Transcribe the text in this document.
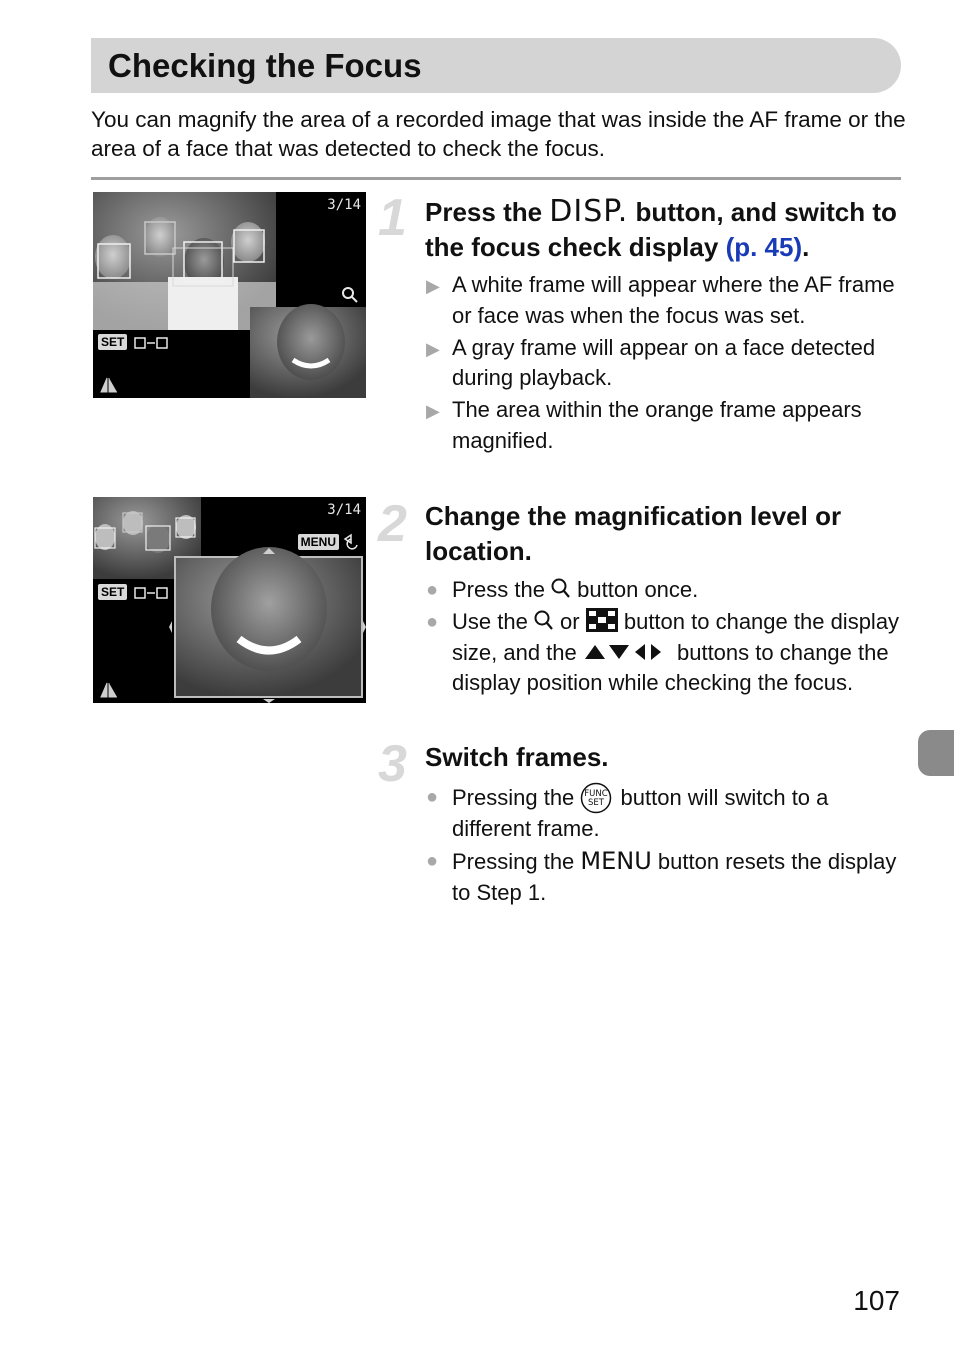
Checking the Focus
You can magnify the area of a recorded image that was inside the AF frame or the area of a face that was detected to check the focus.
3/14
SET
3/14
MENU
SET
1 Press the DISP. button, and switch to the focus check display (p. 45).
▶ A white frame will appear where the AF frame or face was when the focus was set.
▶ A gray frame will appear on a face detected during playback.
▶ The area within the orange frame appears magnified.
2 Change the magnification level or location.
● Press the  button once.
● Use the  or  button to change the display size, and the	buttons to change the display position while checking the focus.
3 Switch frames.
● Pressing the FUNC
SET button will switch to a different frame.
● Pressing the MENU button resets the display to Step 1.
107
